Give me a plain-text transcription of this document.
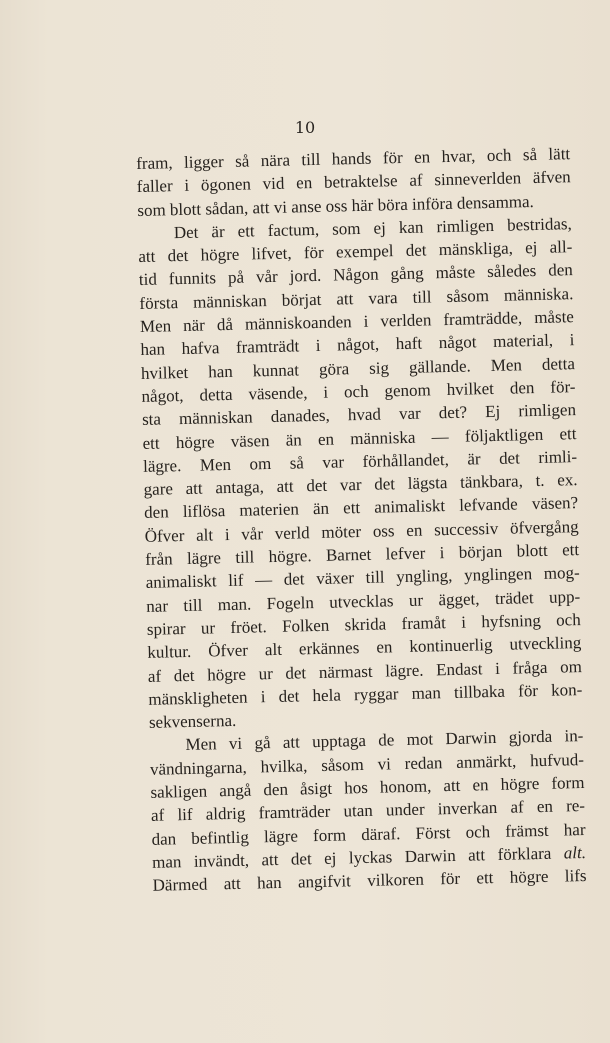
10
fram, ligger så nära till hands för en hvar, och så lätt
faller i ögonen vid en betraktelse af sinneverlden äfven
som blott sådan, att vi anse oss här böra införa densamma.
Det är ett factum, som ej kan rimligen bestridas,
att det högre lifvet, för exempel det mänskliga, ej all-
tid funnits på vår jord. Någon gång måste således den
första människan börjat att vara till såsom människa.
Men när då människoanden i verlden framträdde, måste
han hafva framträdt i något, haft något material, i
hvilket han kunnat göra sig gällande. Men detta
något, detta väsende, i och genom hvilket den för-
sta människan danades, hvad var det? Ej rimligen
ett högre väsen än en människa — följaktligen ett
lägre. Men om så var förhållandet, är det rimli-
gare att antaga, att det var det lägsta tänkbara, t. ex.
den liflösa materien än ett animaliskt lefvande väsen?
Öfver alt i vår verld möter oss en successiv öfvergång
från lägre till högre. Barnet lefver i början blott ett
animaliskt lif — det växer till yngling, ynglingen mog-
nar till man. Fogeln utvecklas ur ägget, trädet upp-
spirar ur fröet. Folken skrida framåt i hyfsning och
kultur. Öfver alt erkännes en kontinuerlig utveckling
af det högre ur det närmast lägre. Endast i fråga om
mänskligheten i det hela ryggar man tillbaka för kon-
sekvenserna.
Men vi gå att upptaga de mot Darwin gjorda in-
vändningarna, hvilka, såsom vi redan anmärkt, hufvud-
sakligen angå den åsigt hos honom, att en högre form
af lif aldrig framträder utan under inverkan af en re-
dan befintlig lägre form däraf. Först och främst har
man invändt, att det ej lyckas Darwin att förklara alt.
Därmed att han angifvit vilkoren för ett högre lifs
